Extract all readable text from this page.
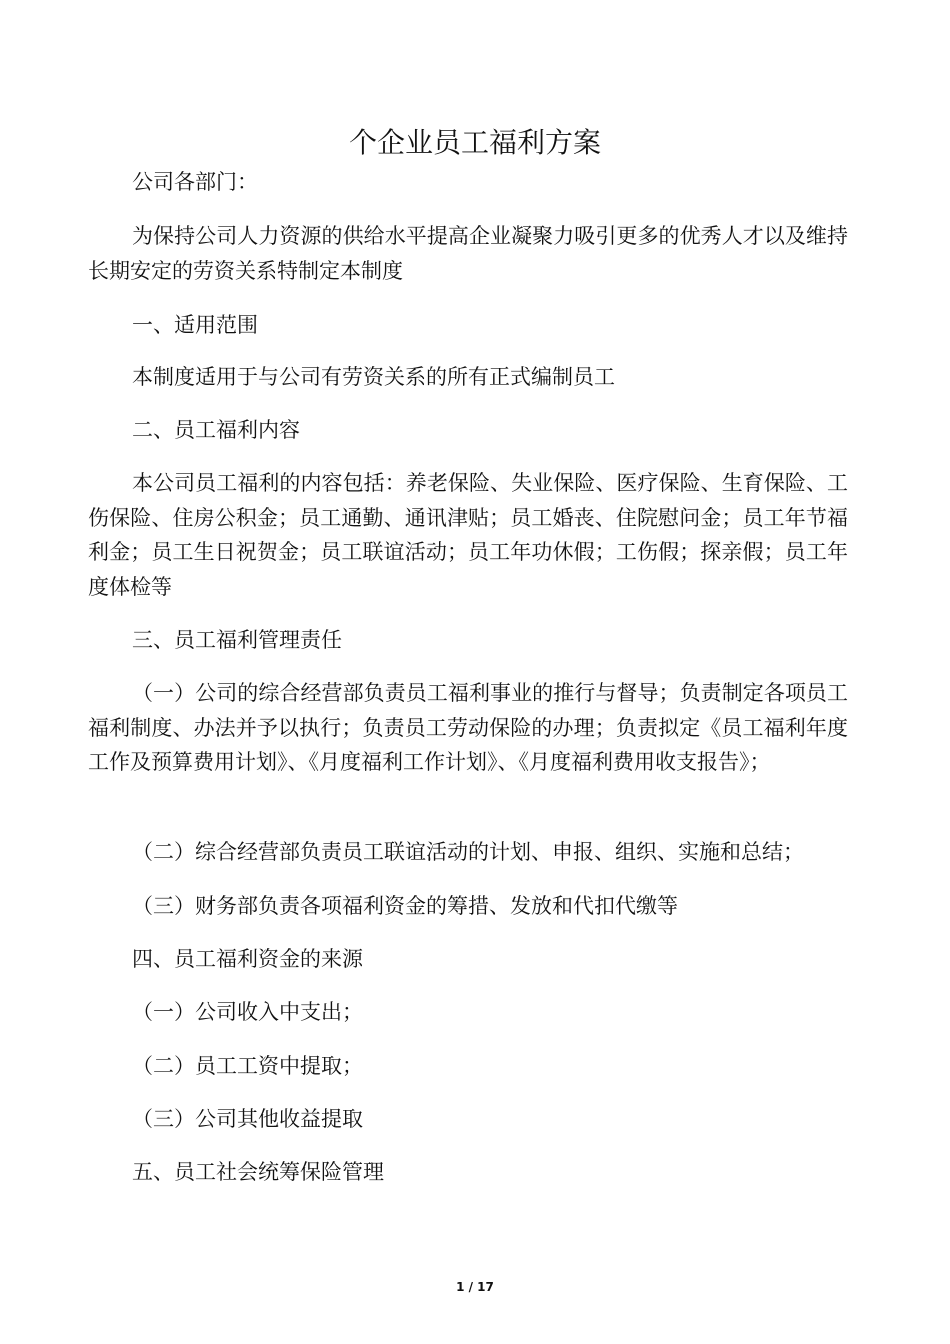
个企业员工福利方案

公司各部门：

为保持公司人力资源的供给水平提高企业凝聚力吸引更多的优秀人才以及维持长期安定的劳资关系特制定本制度

一、适用范围

本制度适用于与公司有劳资关系的所有正式编制员工

二、员工福利内容

本公司员工福利的内容包括：养老保险、失业保险、医疗保险、生育保险、工伤保险、住房公积金；员工通勤、通讯津贴；员工婚丧、住院慰问金；员工年节福利金；员工生日祝贺金；员工联谊活动；员工年功休假；工伤假；探亲假；员工年度体检等

三、员工福利管理责任

（一）公司的综合经营部负责员工福利事业的推行与督导；负责制定各项员工福利制度、办法并予以执行；负责员工劳动保险的办理；负责拟定《员工福利年度工作及预算费用计划》、《月度福利工作计划》、《月度福利费用收支报告》；

（二）综合经营部负责员工联谊活动的计划、申报、组织、实施和总结；

（三）财务部负责各项福利资金的筹措、发放和代扣代缴等

四、员工福利资金的来源

（一）公司收入中支出；

（二）员工工资中提取；

（三）公司其他收益提取

五、员工社会统筹保险管理

1 / 17
